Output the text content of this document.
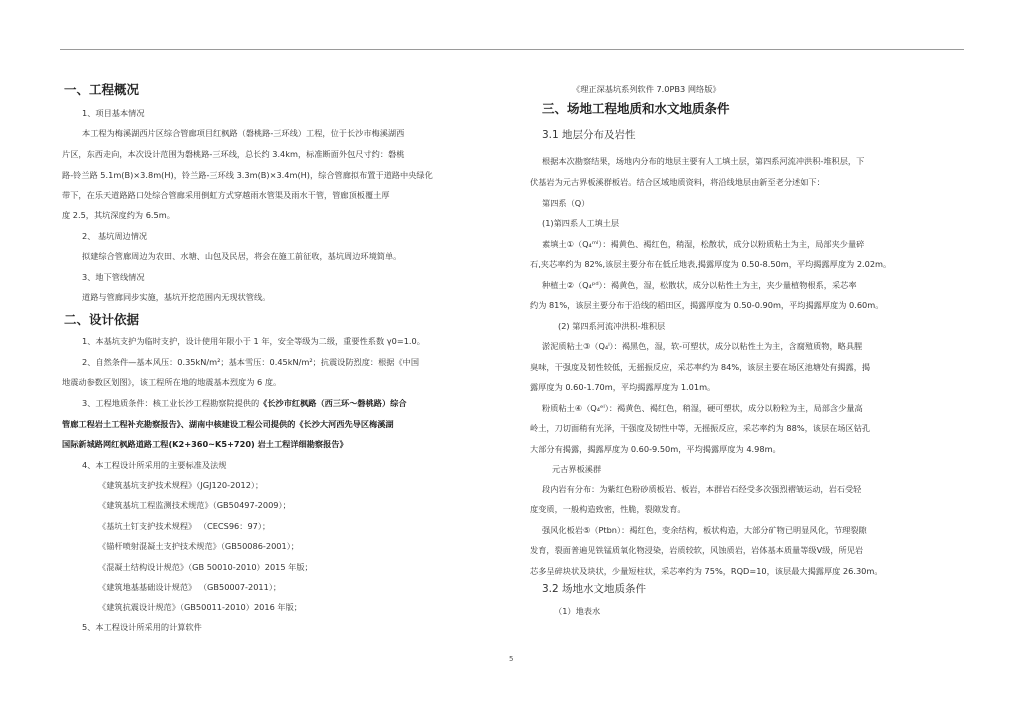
一、工程概况
1、项目基本情况
本工程为梅溪湖西片区综合管廊项目红枫路（磐桃路-三环线）工程，位于长沙市梅溪湖西
片区，东西走向，本次设计范围为磐桃路-三环线，总长约 3.4km，标准断面外包尺寸约：磐桃
路-铃兰路 5.1m(B)×3.8m(H)，铃兰路-三环线 3.3m(B)×3.4m(H)，综合管廊拟布置于道路中央绿化
带下，在乐天道路路口处综合管廊采用倒虹方式穿越雨水管渠及雨水干管，管廊顶板覆土厚
度 2.5，其坑深度约为 6.5m。
2、 基坑周边情况
拟建综合管廊周边为农田、水塘、山包及民居，将会在施工前征收，基坑周边环境简单。
3、地下管线情况
道路与管廊同步实施，基坑开挖范围内无现状管线。
二、设计依据
1、本基坑支护为临时支护，设计使用年限小于 1 年，安全等级为二级，重要性系数 γ0=1.0。
2、自然条件—基本风压：0.35kN/m²；基本雪压：0.45kN/m²；抗震设防烈度：根据《中国
地震动参数区划图》，该工程所在地的地震基本烈度为 6 度。
3、工程地质条件：核工业长沙工程勘察院提供的《长沙市红枫路（西三环～磐桃路）综合
管廊工程岩土工程补充勘察报告》、湖南中核建设工程公司提供的《长沙大河西先导区梅溪湖
国际新城路网红枫路道路工程(K2+360~K5+720) 岩土工程详细勘察报告》
4、本工程设计所采用的主要标准及法规
《建筑基坑支护技术规程》（JGJ120-2012）；
《建筑基坑工程监测技术规范》（GB50497-2009）；
《基坑土钉支护技术规程》 （CECS96：97）；
《锚杆喷射混凝土支护技术规范》（GB50086-2001）；
《混凝土结构设计规范》（GB 50010-2010）2015 年版；
《建筑地基基础设计规范》 （GB50007-2011）；
《建筑抗震设计规范》（GB50011-2010）2016 年版；
5、本工程设计所采用的计算软件
《理正深基坑系列软件 7.0PB3 网络版》
三、场地工程地质和水文地质条件
3.1 地层分布及岩性
根据本次勘察结果，场地内分布的地层主要有人工填土层，第四系河流冲洪积-堆积层，下
伏基岩为元古界板溪群板岩。结合区域地质资料，将沿线地层由新至老分述如下：
第四系（Q）
(1)第四系人工填土层
素填土①（Q₄ᵐˡ）：褐黄色、褐红色，稍湿，松散状，成分以粉质粘土为主，局部夹少量碎
石,夹芯率约为 82%,该层主要分布在低丘地表,揭露厚度为 0.50-8.50m，平均揭露厚度为 2.02m。
种植土②（Q₄ᵖᵈ）：褐黄色，湿，松散状，成分以粘性土为主，夹少量植物根系，采芯率
约为 81%，该层主要分布于沿线的稻田区，揭露厚度为 0.50-0.90m，平均揭露厚度为 0.60m。
(2) 第四系河流冲洪积-堆积层
淤泥质粘土③（Q₄ˡ）：褐黑色，湿，软-可塑状，成分以粘性土为主，含腐殖质物，略具腥
臭味，干强度及韧性较低，无摇振反应，采芯率约为 84%，该层主要在场区池塘处有揭露，揭
露厚度为 0.60-1.70m，平均揭露厚度为 1.01m。
粉质粘土④（Q₄ᵉˡ）：褐黄色、褐红色，稍湿，硬可塑状，成分以粉粒为主，局部含少量高
岭土，刀切面稍有光泽，干强度及韧性中等，无摇振反应，采芯率约为 88%，该层在场区钻孔
大部分有揭露，揭露厚度为 0.60-9.50m，平均揭露厚度为 4.98m。
元古界板溪群
段内岩有分布：为紫红色粉砂质板岩、板岩，本群岩石经受多次强烈褶皱运动，岩石受轻
度变质，一般构造致密，性脆，裂隙发育。
强风化板岩⑤（Ptbn）：褐红色，变余结构，板状构造，大部分矿物已明显风化，节理裂隙
发育，裂面普遍见铁锰质氧化物浸染，岩质较软，风蚀质岩，岩体基本质量等级Ⅴ级，所见岩
芯多呈碎块状及块状，少量短柱状，采芯率约为 75%，RQD=10，该层最大揭露厚度 26.30m。
3.2 场地水文地质条件
（1）地表水
5
